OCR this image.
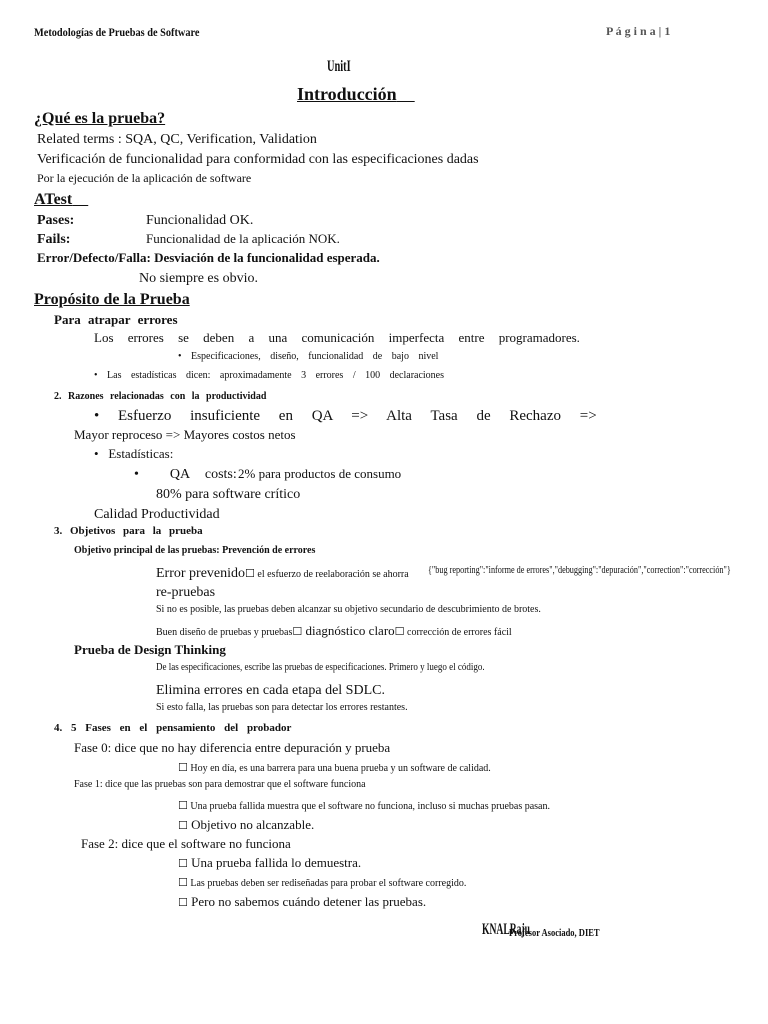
Metodologías de Pruebas de Software	P á g i n a | 1
UnitI
Introducción
¿Qué es la prueba?
Related terms : SQA, QC, Verification, Validation
Verificación de funcionalidad para conformidad con las especificaciones dadas
Por la ejecución de la aplicación de software
ATest
Pases:	Funcionalidad OK.
Fails:	Funcionalidad de la aplicación NOK.
Error/Defecto/Falla: Desviación de la funcionalidad esperada.
No siempre es obvio.
Propósito de la Prueba
Para atrapar errores
Los errores se deben a una comunicación imperfecta entre programadores.
• Especificaciones, diseño, funcionalidad de bajo nivel
• Las estadísticas dicen: aproximadamente 3 errores / 100 declaraciones
2. Razones relacionadas con la productividad
• Esfuerzo insuficiente en QA => Alta Tasa de Rechazo =>
Mayor reproceso => Mayores costos netos
• Estadísticas:
• QA costs: 2% para productos de consumo
80% para software crítico
Calidad Productividad
3. Objetivos para la prueba
Objetivo principal de las pruebas: Prevención de errores
Error prevenido☐ el esfuerzo de reelaboración se ahorra {"bug reporting":"informe de errores","debugging":"depuración","correction":"corrección"}
re-pruebas
Si no es posible, las pruebas deben alcanzar su objetivo secundario de descubrimiento de brotes.
Buen diseño de pruebas y pruebas☐ diagnóstico claro☐ corrección de errores fácil
Prueba de Design Thinking
De las especificaciones, escribe las pruebas de especificaciones. Primero y luego el código.
Elimina errores en cada etapa del SDLC.
Si esto falla, las pruebas son para detectar los errores restantes.
4. 5 Fases en el pensamiento del probador
Fase 0: dice que no hay diferencia entre depuración y prueba
☐ Hoy en día, es una barrera para una buena prueba y un software de calidad.
Fase 1: dice que las pruebas son para demostrar que el software funciona
☐ Una prueba fallida muestra que el software no funciona, incluso si muchas pruebas pasan.
☐ Objetivo no alcanzable.
Fase 2: dice que el software no funciona
☐ Una prueba fallida lo demuestra.
☐ Las pruebas deben ser rediseñadas para probar el software corregido.
☐ Pero no sabemos cuándo detener las pruebas.
KNALRaju
Profesor Asociado, DIET
